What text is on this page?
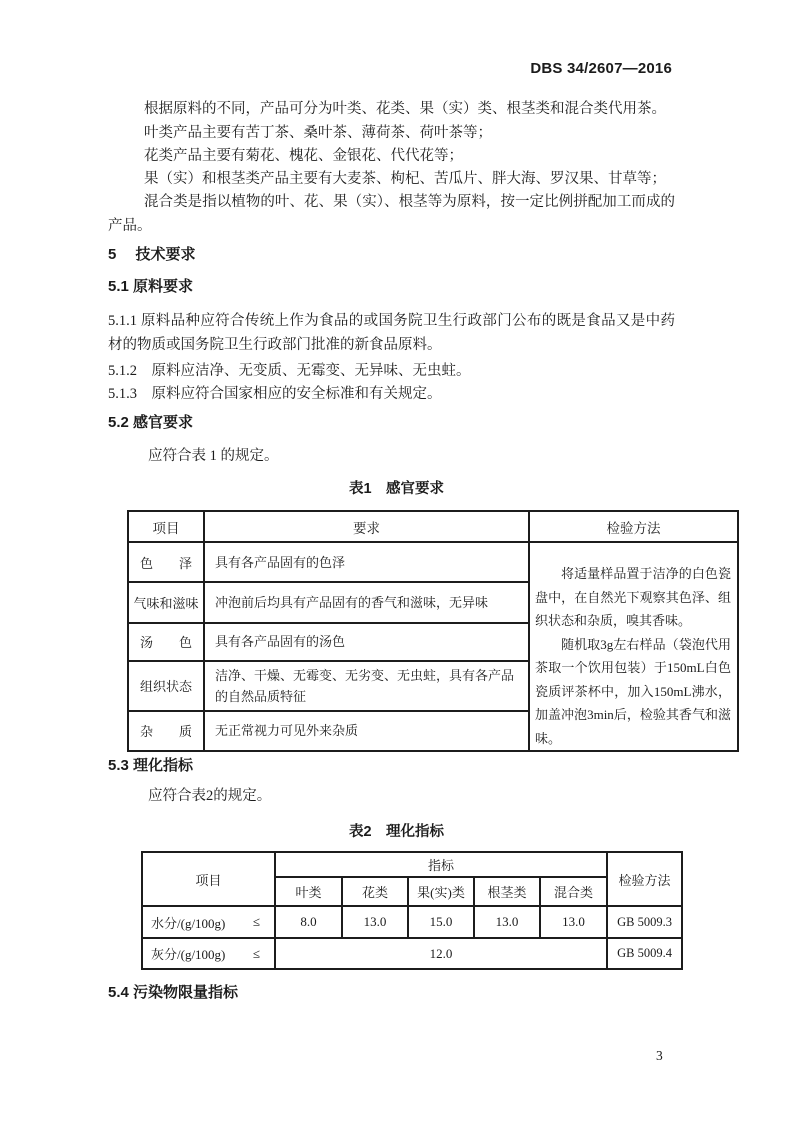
DBS 34/2607—2016
根据原料的不同，产品可分为叶类、花类、果（实）类、根茎类和混合类代用茶。
叶类产品主要有苦丁茶、桑叶茶、薄荷茶、荷叶茶等；
花类产品主要有菊花、槐花、金银花、代代花等；
果（实）和根茎类产品主要有大麦茶、枸杞、苦瓜片、胖大海、罗汉果、甘草等；
混合类是指以植物的叶、花、果（实）、根茎等为原料，按一定比例拼配加工而成的产品。
5　 技术要求
5.1 原料要求
5.1.1 原料品种应符合传统上作为食品的或国务院卫生行政部门公布的既是食品又是中药材的物质或国务院卫生行政部门批准的新食品原料。
5.1.2　原料应洁净、无变质、无霉变、无异味、无虫蛀。
5.1.3　原料应符合国家相应的安全标准和有关规定。
5.2 感官要求
应符合表 1 的规定。
表1　感官要求
项目	要求	检验方法
色　　泽	具有各产品固有的色泽	将适量样品置于洁净的白色瓷盘中，在自然光下观察其色泽、组织状态和杂质，嗅其香味。

随机取3g左右样品（袋泡代用茶取一个饮用包装）于150mL白色瓷质评茶杯中，加入150mL沸水，加盖冲泡3min后，检验其香气和滋味。

气味和滋味	冲泡前后均具有产品固有的香气和滋味，无异味	
汤　　色	具有各产品固有的汤色	
组织状态	洁净、干燥、无霉变、无劣变、无虫蛀，具有各产品的自然品质特征	
杂　　质	无正常视力可见外来杂质	
5.3 理化指标
应符合表2的规定。
表2　理化指标
项目	指标					检验方法
	叶类	花类	果(实)类	根茎类	混合类	

水分/(g/100g) ≤	8.0	13.0	15.0	13.0	13.0	GB 5009.3

灰分/(g/100g) ≤	12.0					GB 5009.4
5.4 污染物限量指标
3
